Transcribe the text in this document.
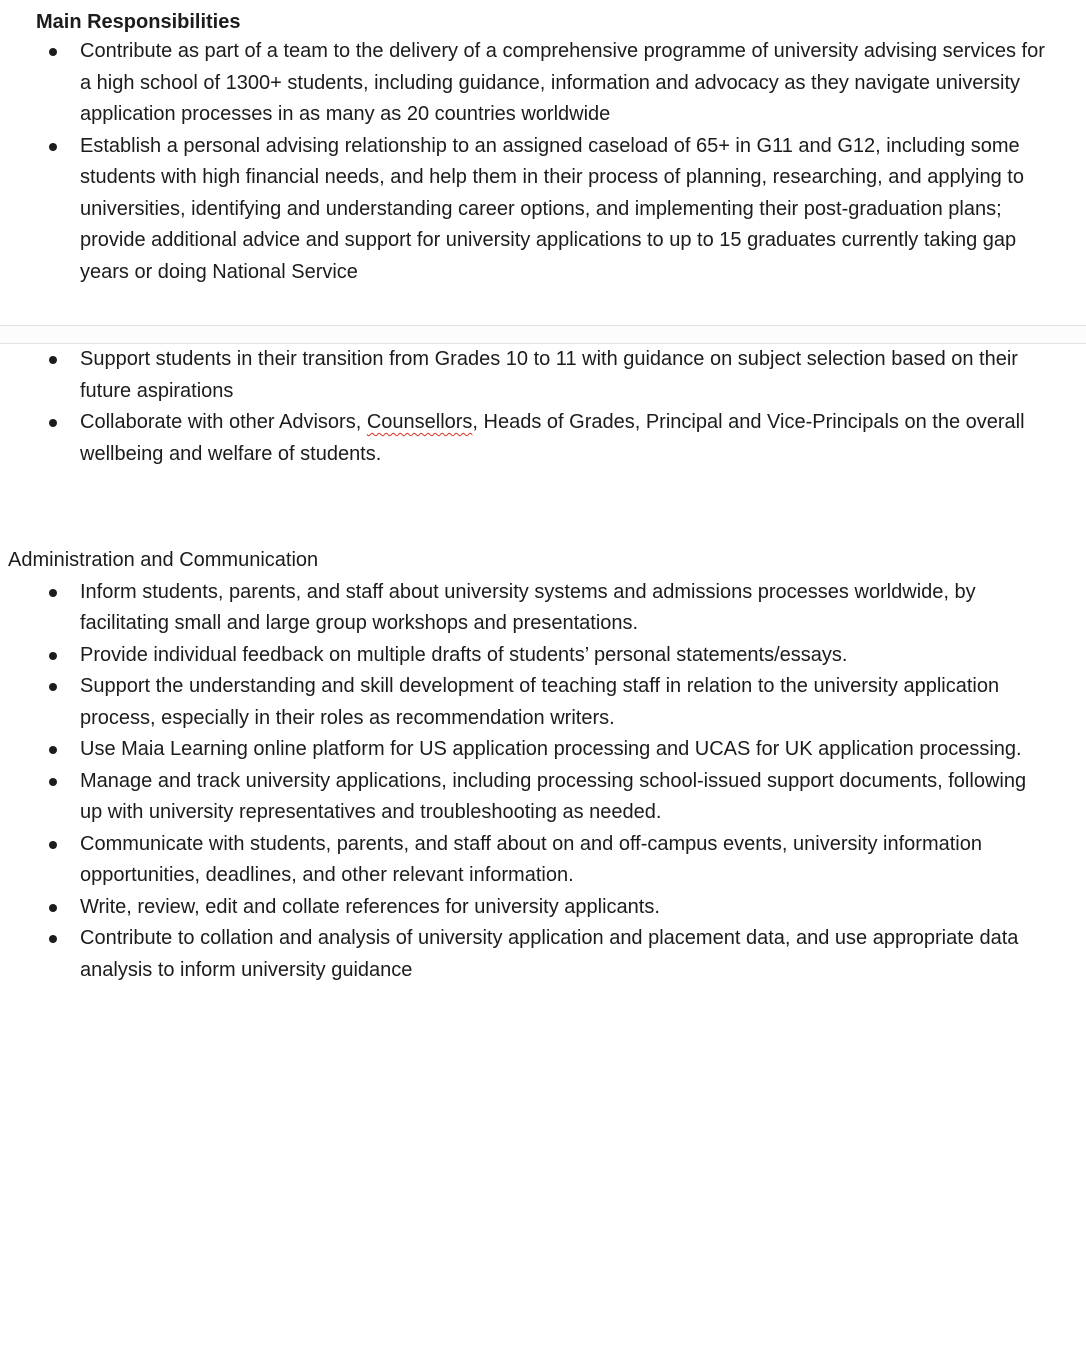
Main Responsibilities
Contribute as part of a team to the delivery of a comprehensive programme of university advising services for a high school of 1300+ students, including guidance, information and advocacy as they navigate university application processes in as many as 20 countries worldwide
Establish a personal advising relationship to an assigned caseload of 65+ in G11 and G12, including some students with high financial needs, and help them in their process of planning, researching, and applying to universities, identifying and understanding career options, and implementing their post-graduation plans; provide additional advice and support for university applications to up to 15 graduates currently taking gap years or doing National Service
Support students in their transition from Grades 10 to 11 with guidance on subject selection based on their future aspirations
Collaborate with other Advisors, Counsellors, Heads of Grades, Principal and Vice-Principals on the overall wellbeing and welfare of students.
Administration and Communication
Inform students, parents, and staff about university systems and admissions processes worldwide, by facilitating small and large group workshops and presentations.
Provide individual feedback on multiple drafts of students’ personal statements/essays.
Support the understanding and skill development of teaching staff in relation to the university application process, especially in their roles as recommendation writers.
Use Maia Learning online platform for US application processing and UCAS for UK application processing.
Manage and track university applications, including processing school-issued support documents, following up with university representatives and troubleshooting as needed.
Communicate with students, parents, and staff about on and off-campus events, university information opportunities, deadlines, and other relevant information.
Write, review, edit and collate references for university applicants.
Contribute to collation and analysis of university application and placement data, and use appropriate data analysis to inform university guidance
